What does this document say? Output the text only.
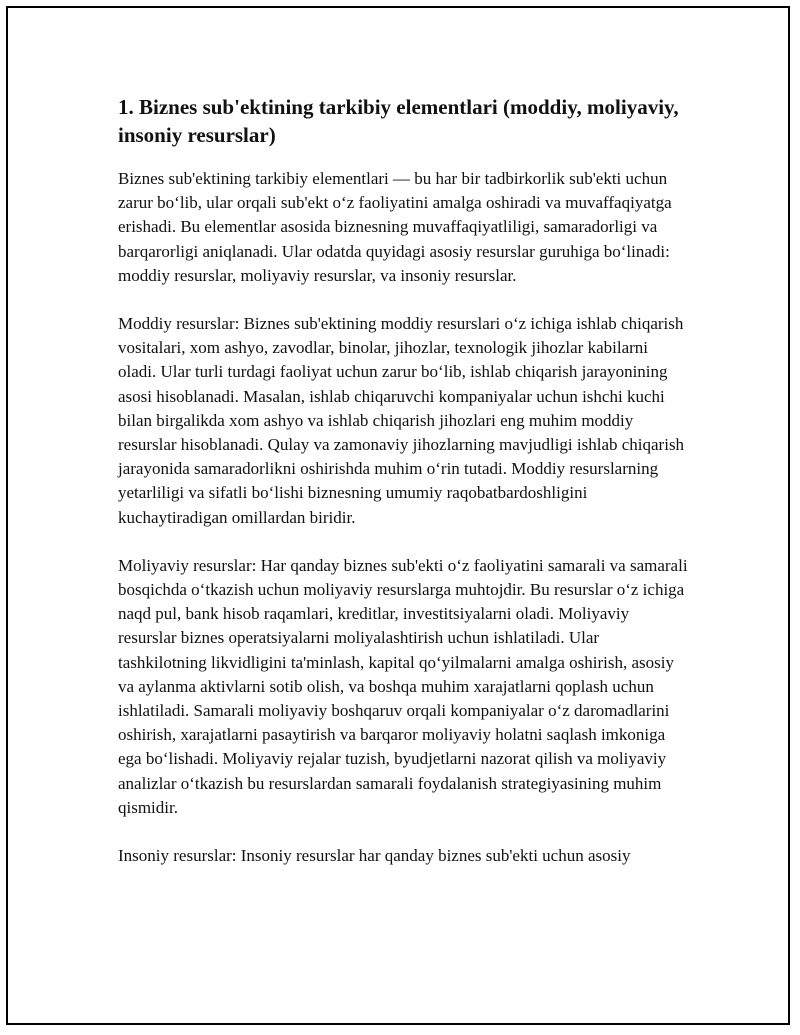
1. Biznes sub'ektining tarkibiy elementlari (moddiy, moliyaviy, insoniy resurslar)

Biznes sub'ektining tarkibiy elementlari — bu har bir tadbirkorlik sub'ekti uchun zarur bo‘lib, ular orqali sub'ekt o‘z faoliyatini amalga oshiradi va muvaffaqiyatga erishadi. Bu elementlar asosida biznesning muvaffaqiyatliligi, samaradorligi va barqarorligi aniqlanadi. Ular odatda quyidagi asosiy resurslar guruhiga bo‘linadi: moddiy resurslar, moliyaviy resurslar, va insoniy resurslar.

Moddiy resurslar: Biznes sub'ektining moddiy resurslari o‘z ichiga ishlab chiqarish vositalari, xom ashyo, zavodlar, binolar, jihozlar, texnologik jihozlar kabilarni oladi. Ular turli turdagi faoliyat uchun zarur bo‘lib, ishlab chiqarish jarayonining asosi hisoblanadi. Masalan, ishlab chiqaruvchi kompaniyalar uchun ishchi kuchi bilan birgalikda xom ashyo va ishlab chiqarish jihozlari eng muhim moddiy resurslar hisoblanadi. Qulay va zamonaviy jihozlarning mavjudligi ishlab chiqarish jarayonida samaradorlikni oshirishda muhim o‘rin tutadi. Moddiy resurslarning yetarliligi va sifatli bo‘lishi biznesning umumiy raqobatbardoshligini kuchaytiradigan omillardan biridir.

Moliyaviy resurslar: Har qanday biznes sub'ekti o‘z faoliyatini samarali va samarali bosqichda o‘tkazish uchun moliyaviy resurslarga muhtojdir. Bu resurslar o‘z ichiga naqd pul, bank hisob raqamlari, kreditlar, investitsiyalarni oladi. Moliyaviy resurslar biznes operatsiyalarni moliyalashtirish uchun ishlatiladi. Ular tashkilotning likvidligini ta'minlash, kapital qo‘yilmalarni amalga oshirish, asosiy va aylanma aktivlarni sotib olish, va boshqa muhim xarajatlarni qoplash uchun ishlatiladi. Samarali moliyaviy boshqaruv orqali kompaniyalar o‘z daromadlarini oshirish, xarajatlarni pasaytirish va barqaror moliyaviy holatni saqlash imkoniga ega bo‘lishadi. Moliyaviy rejalar tuzish, byudjetlarni nazorat qilish va moliyaviy analizlar o‘tkazish bu resurslardan samarali foydalanish strategiyasining muhim qismidir.

Insoniy resurslar: Insoniy resurslar har qanday biznes sub'ekti uchun asosiy
